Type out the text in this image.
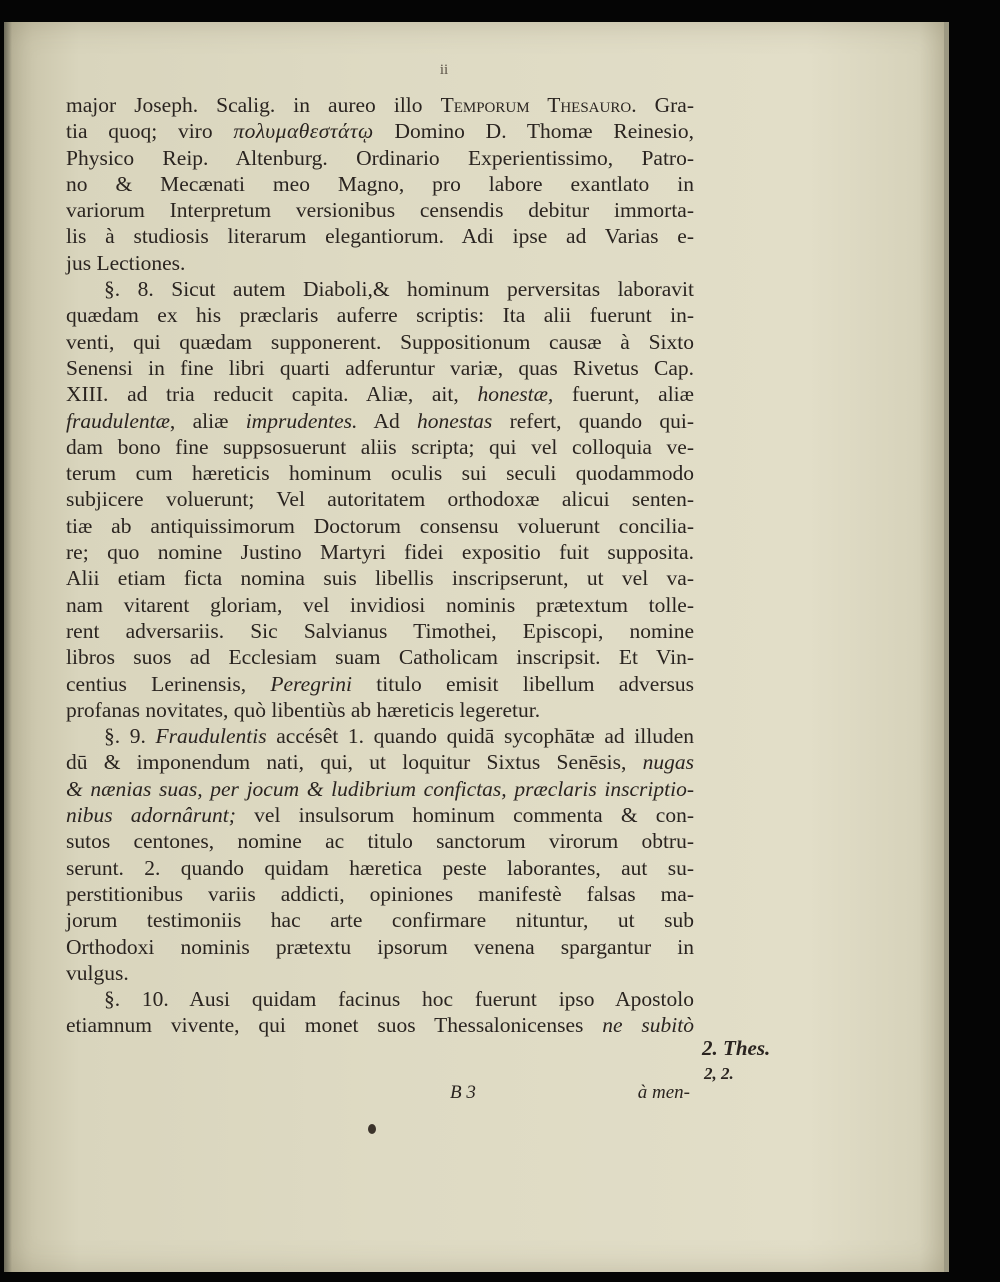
ii
major Joseph. Scalig. in aureo illo Temporum Thesauro. Gra-
tia quoq; viro πολυμαθεστάτῳ Domino D. Thomæ Reinesio,
Physico Reip. Altenburg. Ordinario Experientissimo, Patro-
no & Mecænati meo Magno, pro labore exantlato in
variorum Interpretum versionibus censendis debitur immorta-
lis à studiosis literarum elegantiorum. Adi ipse ad Varias e-
jus Lectiones.
§. 8. Sicut autem Diaboli,& hominum perversitas laboravit
quædam ex his præclaris auferre scriptis: Ita alii fuerunt in-
venti, qui quædam supponerent. Suppositionum causæ à Sixto
Senensi in fine libri quarti adferuntur variæ, quas Rivetus Cap.
XIII. ad tria reducit capita. Aliæ, ait, honestæ, fuerunt, aliæ
fraudulentæ, aliæ imprudentes. Ad honestas refert, quando qui-
dam bono fine suppsosuerunt aliis scripta; qui vel colloquia ve-
terum cum hæreticis hominum oculis sui seculi quodammodo
subjicere voluerunt; Vel autoritatem orthodoxæ alicui senten-
tiæ ab antiquissimorum Doctorum consensu voluerunt concilia-
re; quo nomine Justino Martyri fidei expositio fuit supposita.
Alii etiam ficta nomina suis libellis inscripserunt, ut vel va-
nam vitarent gloriam, vel invidiosi nominis prætextum tolle-
rent adversariis. Sic Salvianus Timothei, Episcopi, nomine
libros suos ad Ecclesiam suam Catholicam inscripsit. Et Vin-
centius Lerinensis, Peregrini titulo emisit libellum adversus
profanas novitates, quò libentiùs ab hæreticis legeretur.
§. 9. Fraudulentis accésêt 1. quando quidā sycophātæ ad illuden
dū & imponendum nati, qui, ut loquitur Sixtus Senēsis, nugas
& nænias suas, per jocum & ludibrium confictas, præclaris inscriptio-
nibus adornârunt; vel insulsorum hominum commenta & con-
sutos centones, nomine ac titulo sanctorum virorum obtru-
serunt. 2. quando quidam hæretica peste laborantes, aut su-
perstitionibus variis addicti, opiniones manifestè falsas ma-
jorum testimoniis hac arte confirmare nituntur, ut sub
Orthodoxi nominis prætextu ipsorum venena spargantur in
vulgus.
§. 10. Ausi quidam facinus hoc fuerunt ipso Apostolo
etiamnum vivente, qui monet suos Thessalonicenses ne subitò
2. Thes.
2, 2.
B 3	à men-
